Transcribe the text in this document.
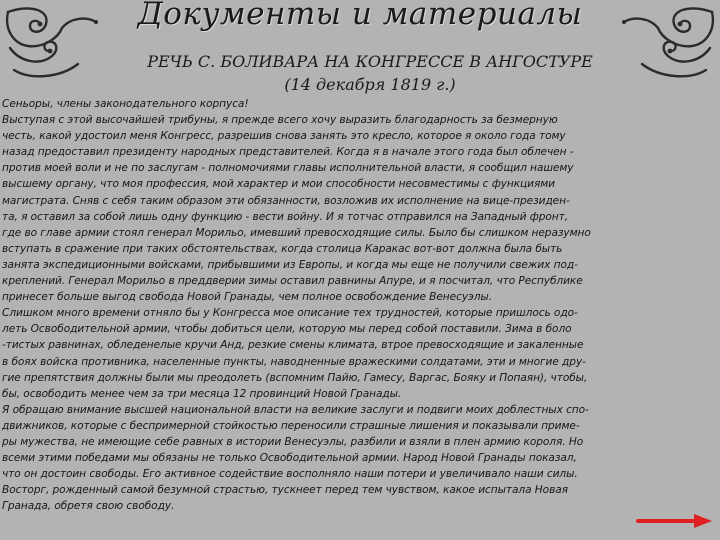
Документы и материалы
РЕЧЬ С. БОЛИВАРА НА КОНГРЕССЕ В АНГОСТУРЕ
(14 декабря 1819 г.)
Сеньоры, члены законодательного корпуса!
Выступая с этой высочайшей трибуны, я прежде всего хочу выразить благодарность за безмерную
честь, какой удостоил меня Конгресс, разрешив снова занять это кресло, которое я около года тому
назад предоставил президенту народных представителей. Когда я в начале этого года был облечен -
против моей воли и не по заслугам - полномочиями главы исполнительной власти, я сообщил нашему
высшему органу, что моя профессия, мой характер и мои способности несовместимы с функциями
магистрата. Сняв с себя таким образом эти обязанности, возложив их исполнение на вице-президен-
та, я оставил за собой лишь одну функцию - вести войну. И я тотчас отправился на Западный фронт,
где во главе армии стоял генерал Морильо, имевший превосходящие силы. Было бы слишком неразумно
вступать в сражение при таких обстоятельствах, когда столица Каракас вот-вот должна была быть
занята экспедиционными войсками, прибывшими из Европы, и когда мы еще не получили свежих под-
креплений. Генерал Морильо в преддверии зимы оставил равнины Апуре, и я посчитал, что Республике
принесет больше выгод свобода Новой Гранады, чем полное освобождение Венесуэлы.
Слишком много времени отняло бы у Конгресса мое описание тех трудностей, которые пришлось одо-
леть Освободительной армии, чтобы добиться цели, которую мы перед собой поставили. Зима в боло
-тистых равнинах, обледенелые кручи Анд, резкие смены климата, втрое превосходящие и закаленные
в боях войска противника, населенные пункты, наводненные вражескими солдатами, эти и многие дру-
гие препятствия должны были мы преодолеть (вспомним Пайю, Гамесу, Варгас, Бояку и Попаян), чтобы,
бы, освободить менее чем за три месяца 12 провинций Новой Гранады.
Я обращаю внимание высшей национальной власти на великие заслуги и подвиги моих доблестных спо-
движников, которые с беспримерной стойкостью переносили страшные лишения и показывали приме-
ры мужества, не имеющие себе равных в истории Венесуэлы, разбили и взяли в плен армию короля. Но
всеми этими победами мы обязаны не только Освободительной армии. Народ Новой Гранады показал,
что он достоин свободы. Его активное содействие восполняло наши потери и увеличивало наши силы.
Восторг, рожденный самой безумной страстью, тускнеет перед тем чувством, какое испытала Новая
Гранада, обретя свою свободу.
